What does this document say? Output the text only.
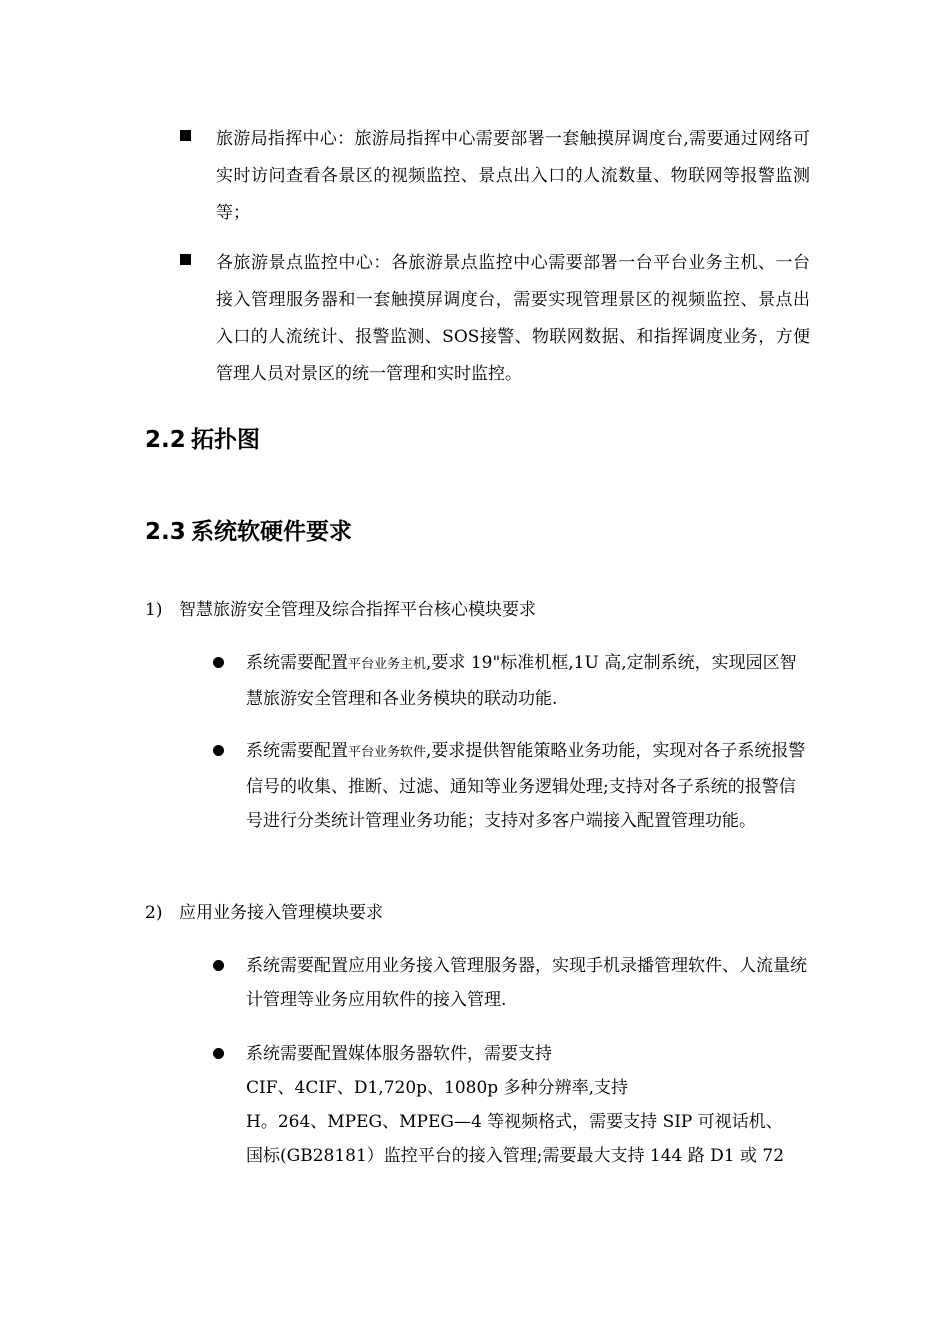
旅游局指挥中心：旅游局指挥中心需要部署一套触摸屏调度台,需要通过网络可实时访问查看各景区的视频监控、景点出入口的人流数量、物联网等报警监测等；
各旅游景点监控中心：各旅游景点监控中心需要部署一台平台业务主机、一台接入管理服务器和一套触摸屏调度台，需要实现管理景区的视频监控、景点出入口的人流统计、报警监测、SOS接警、物联网数据、和指挥调度业务，方便管理人员对景区的统一管理和实时监控。
2.2 拓扑图
2.3 系统软硬件要求
1) 智慧旅游安全管理及综合指挥平台核心模块要求
系统需要配置平台业务主机,要求 19"标准机框,1U 高,定制系统，实现园区智慧旅游安全管理和各业务模块的联动功能.
系统需要配置平台业务软件,要求提供智能策略业务功能，实现对各子系统报警信号的收集、推断、过滤、通知等业务逻辑处理;支持对各子系统的报警信号进行分类统计管理业务功能；支持对多客户端接入配置管理功能。
2) 应用业务接入管理模块要求
系统需要配置应用业务接入管理服务器，实现手机录播管理软件、人流量统计管理等业务应用软件的接入管理.
系统需要配置媒体服务器软件，需要支持
CIF、4CIF、D1,720p、1080p 多种分辨率,支持
H。264、MPEG、MPEG—4 等视频格式，需要支持 SIP 可视话机、
国标(GB28181）监控平台的接入管理;需要最大支持 144 路 D1 或 72
